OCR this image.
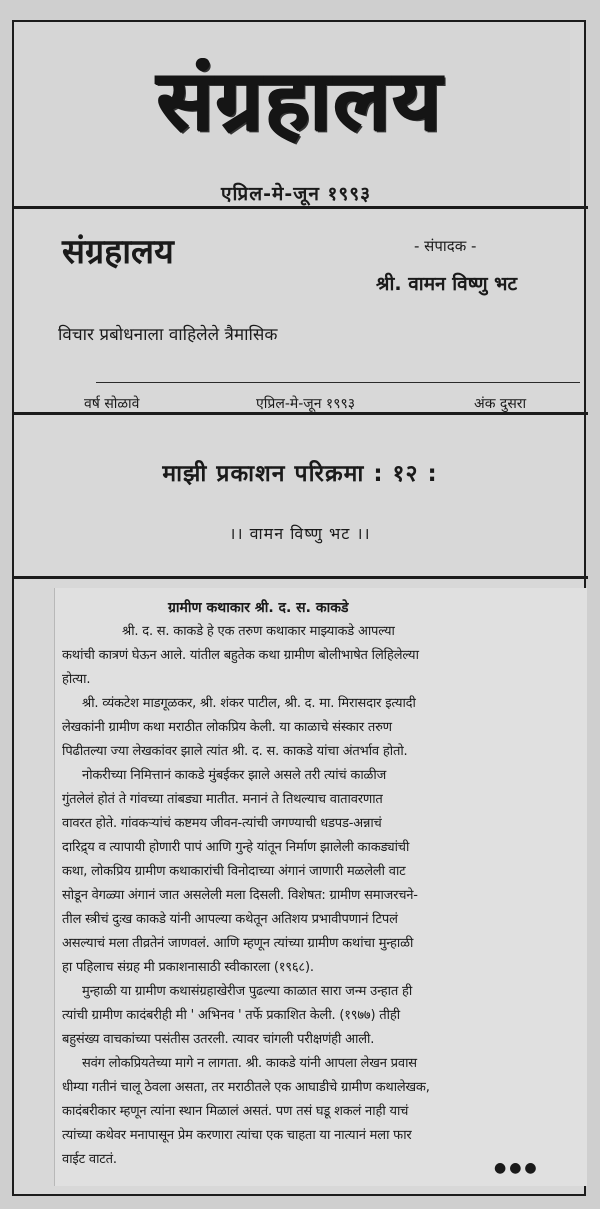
संग्रहालय
एप्रिल-मे-जून १९९३
संग्रहालय	- संपादक -
श्री. वामन विष्णु भट
विचार प्रबोधनाला वाहिलेले त्रैमासिक
वर्ष सोळावे	एप्रिल-मे-जून १९९३	अंक दुसरा
माझी प्रकाशन परिक्रमा : १२ :
।। वामन विष्णु भट ।।
ग्रामीण कथाकार श्री. द. स. काकडे
श्री. द. स. काकडे हे एक तरुण कथाकार माझ्याकडे आपल्या
कथांची कात्रणं घेऊन आले. यांतील बहुतेक कथा ग्रामीण बोलीभाषेत लिहिलेल्या
होत्या.
श्री. व्यंकटेश माडगूळकर, श्री. शंकर पाटील, श्री. द. मा. मिरासदार इत्यादी
लेखकांनी ग्रामीण कथा मराठीत लोकप्रिय केली. या काळाचे संस्कार तरुण
पिढीतल्या ज्या लेखकांवर झाले त्यांत श्री. द. स. काकडे यांचा अंतर्भाव होतो.
नोकरीच्या निमित्तानं काकडे मुंबईकर झाले असले तरी त्यांचं काळीज
गुंतलेलं होतं ते गांवच्या तांबड्या मातीत. मनानं ते तिथल्याच वातावरणात
वावरत होते. गांवकऱ्यांचं कष्टमय जीवन-त्यांची जगण्याची धडपड-अन्नाचं
दारिद्र्य व त्यापायी होणारी पापं आणि गुन्हे यांतून निर्माण झालेली काकड्यांची
कथा, लोकप्रिय ग्रामीण कथाकारांची विनोदाच्या अंगानं जाणारी मळलेली वाट
सोडून वेगळ्या अंगानं जात असलेली मला दिसली. विशेषत: ग्रामीण समाजरचने-
तील स्त्रीचं दुःख काकडे यांनी आपल्या कथेतून अतिशय प्रभावीपणानं टिपलं
असल्याचं मला तीव्रतेनं जाणवलं. आणि म्हणून त्यांच्या ग्रामीण कथांचा मुन्हाळी
हा पहिलाच संग्रह मी प्रकाशनासाठी स्वीकारला (१९६८).
मुन्हाळी या ग्रामीण कथासंग्रहाखेरीज पुढल्या काळात सारा जन्म उन्हात ही
त्यांची ग्रामीण कादंबरीही मी ' अभिनव ' तर्फे प्रकाशित केली. (१९७७) तीही
बहुसंख्य वाचकांच्या पसंतीस उतरली. त्यावर चांगली परीक्षणंही आली.
सवंग लोकप्रियतेच्या मागे न लागता. श्री. काकडे यांनी आपला लेखन प्रवास
धीम्या गतीनं चालू ठेवला असता, तर मराठीतले एक आघाडीचे ग्रामीण कथालेखक,
कादंबरीकार म्हणून त्यांना स्थान मिळालं असतं. पण तसं घडू शकलं नाही याचं
त्यांच्या कथेवर मनापासून प्रेम करणारा त्यांचा एक चाहता या नात्यानं मला फार
वाईट वाटतं.
●●●
